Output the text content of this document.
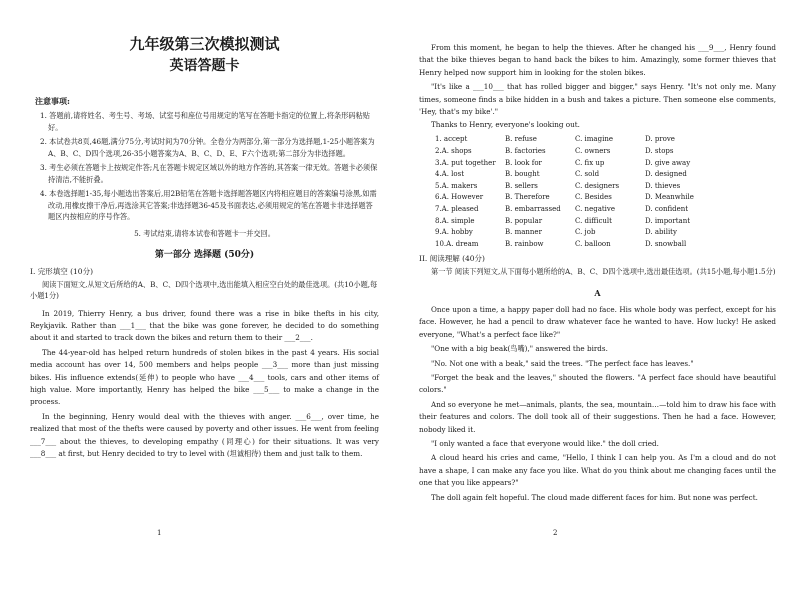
九年级第三次模拟测试
英语答题卡
注意事项:
1. 答题前,请将姓名、考生号、考场、试室号和座位号用规定的笔写在答题卡指定的位置上,将条形码粘贴好。
2. 本试卷共8页,46题,满分75分,考试时间为70分钟。全卷分为两部分,第一部分为选择题,1-25小题答案为A、B、C、D四个选项,26-35小题答案为A、B、C、D、E、F六个选项;第二部分为非选择题。
3. 考生必须在答题卡上按规定作答;凡在答题卡规定区域以外的地方作答的,其答案一律无效。答题卡必须保持清洁,不能折叠。
4. 本卷选择题1-35,每小题选出答案后,用2B铅笔在答题卡选择题答题区内将相应题目的答案编号涂黑,如需改动,用橡皮擦干净后,再选涂其它答案;非选择题36-45及书面表达,必须用规定的笔在答题卡非选择题答题区内按相应的序号作答。
5. 考试结束,请将本试卷和答题卡一并交回。
第一部分 选择题 (50分)
I. 完形填空 (10分)
阅读下面短文,从短文后所给的A、B、C、D四个选项中,选出能填入相应空白处的最佳选项。(共10小题,每小题1分)

In 2019, Thierry Henry, a bus driver, found there was a rise in bike thefts in his city, Reykjavik. Rather than ___1___ that the bike was gone forever, he decided to do something about it and started to track down the bikes and return them to their ___2___.

The 44-year-old has helped return hundreds of stolen bikes in the past 4 years. His social media account has over 14, 500 members and helps people ___3___ more than just missing bikes. His influence extends(延伸) to people who have ___4___ tools, cars and other items of high value. More importantly, Henry has helped the bike ___5___ to make a change in the process.

In the beginning, Henry would deal with the thieves with anger. ___6___, over time, he realized that most of the thefts were caused by poverty and other issues. He went from feeling ___7___ about the thieves, to developing empathy (同理心) for their situations. It was very ___8___ at first, but Henry decided to try to level with (坦诚相待) them and just talk to them.

1

From this moment, he began to help the thieves. After he changed his ___9___, Henry found that the bike thieves began to hand back the bikes to him. Amazingly, some former thieves that Henry helped now support him in looking for the stolen bikes.

"It's like a ___10___ that has rolled bigger and bigger," says Henry. "It's not only me. Many times, someone finds a bike hidden in a bush and takes a picture. Then someone else comments, 'Hey, that's my bike'."

Thanks to Henry, everyone's looking out.
1. accept	B. refuse	C. imagine	D. prove
2.A. shops	B. factories	C. owners	D. stops
3.A. put together	B. look for	C. fix up	D. give away
4.A. lost	B. bought	C. sold	D. designed
5.A. makers	B. sellers	C. designers	D. thieves
6.A. However	B. Therefore	C. Besides	D. Meanwhile
7.A. pleased	B. embarrassed	C. negative	D. confident
8.A. simple	B. popular	C. difficult	D. important
9.A. hobby	B. manner	C. job	D. ability
10.A. dream	B. rainbow	C. balloon	D. snowball
II. 阅读理解 (40分)
第一节 阅读下列短文,从下面每小题所给的A、B、C、D四个选项中,选出最佳选项。(共15小题,每小题1.5分)
A

Once upon a time, a happy paper doll had no face. His whole body was perfect, except for his face. However, he had a pencil to draw whatever face he wanted to have. How lucky! He asked everyone, "What's a perfect face like?"

"One with a big beak(鸟嘴)," answered the birds.

"No. Not one with a beak," said the trees. "The perfect face has leaves."

"Forget the beak and the leaves," shouted the flowers. "A perfect face should have beautiful colors."

And so everyone he met—animals, plants, the sea, mountain…—told him to draw his face with their features and colors. The doll took all of their suggestions. Then he had a face. However, nobody liked it.

"I only wanted a face that everyone would like." the doll cried.

A cloud heard his cries and came, "Hello, I think I can help you. As I'm a cloud and do not have a shape, I can make any face you like. What do you think about me changing faces until the one that you like appears?"

The doll again felt hopeful. The cloud made different faces for him. But none was perfect.

2
